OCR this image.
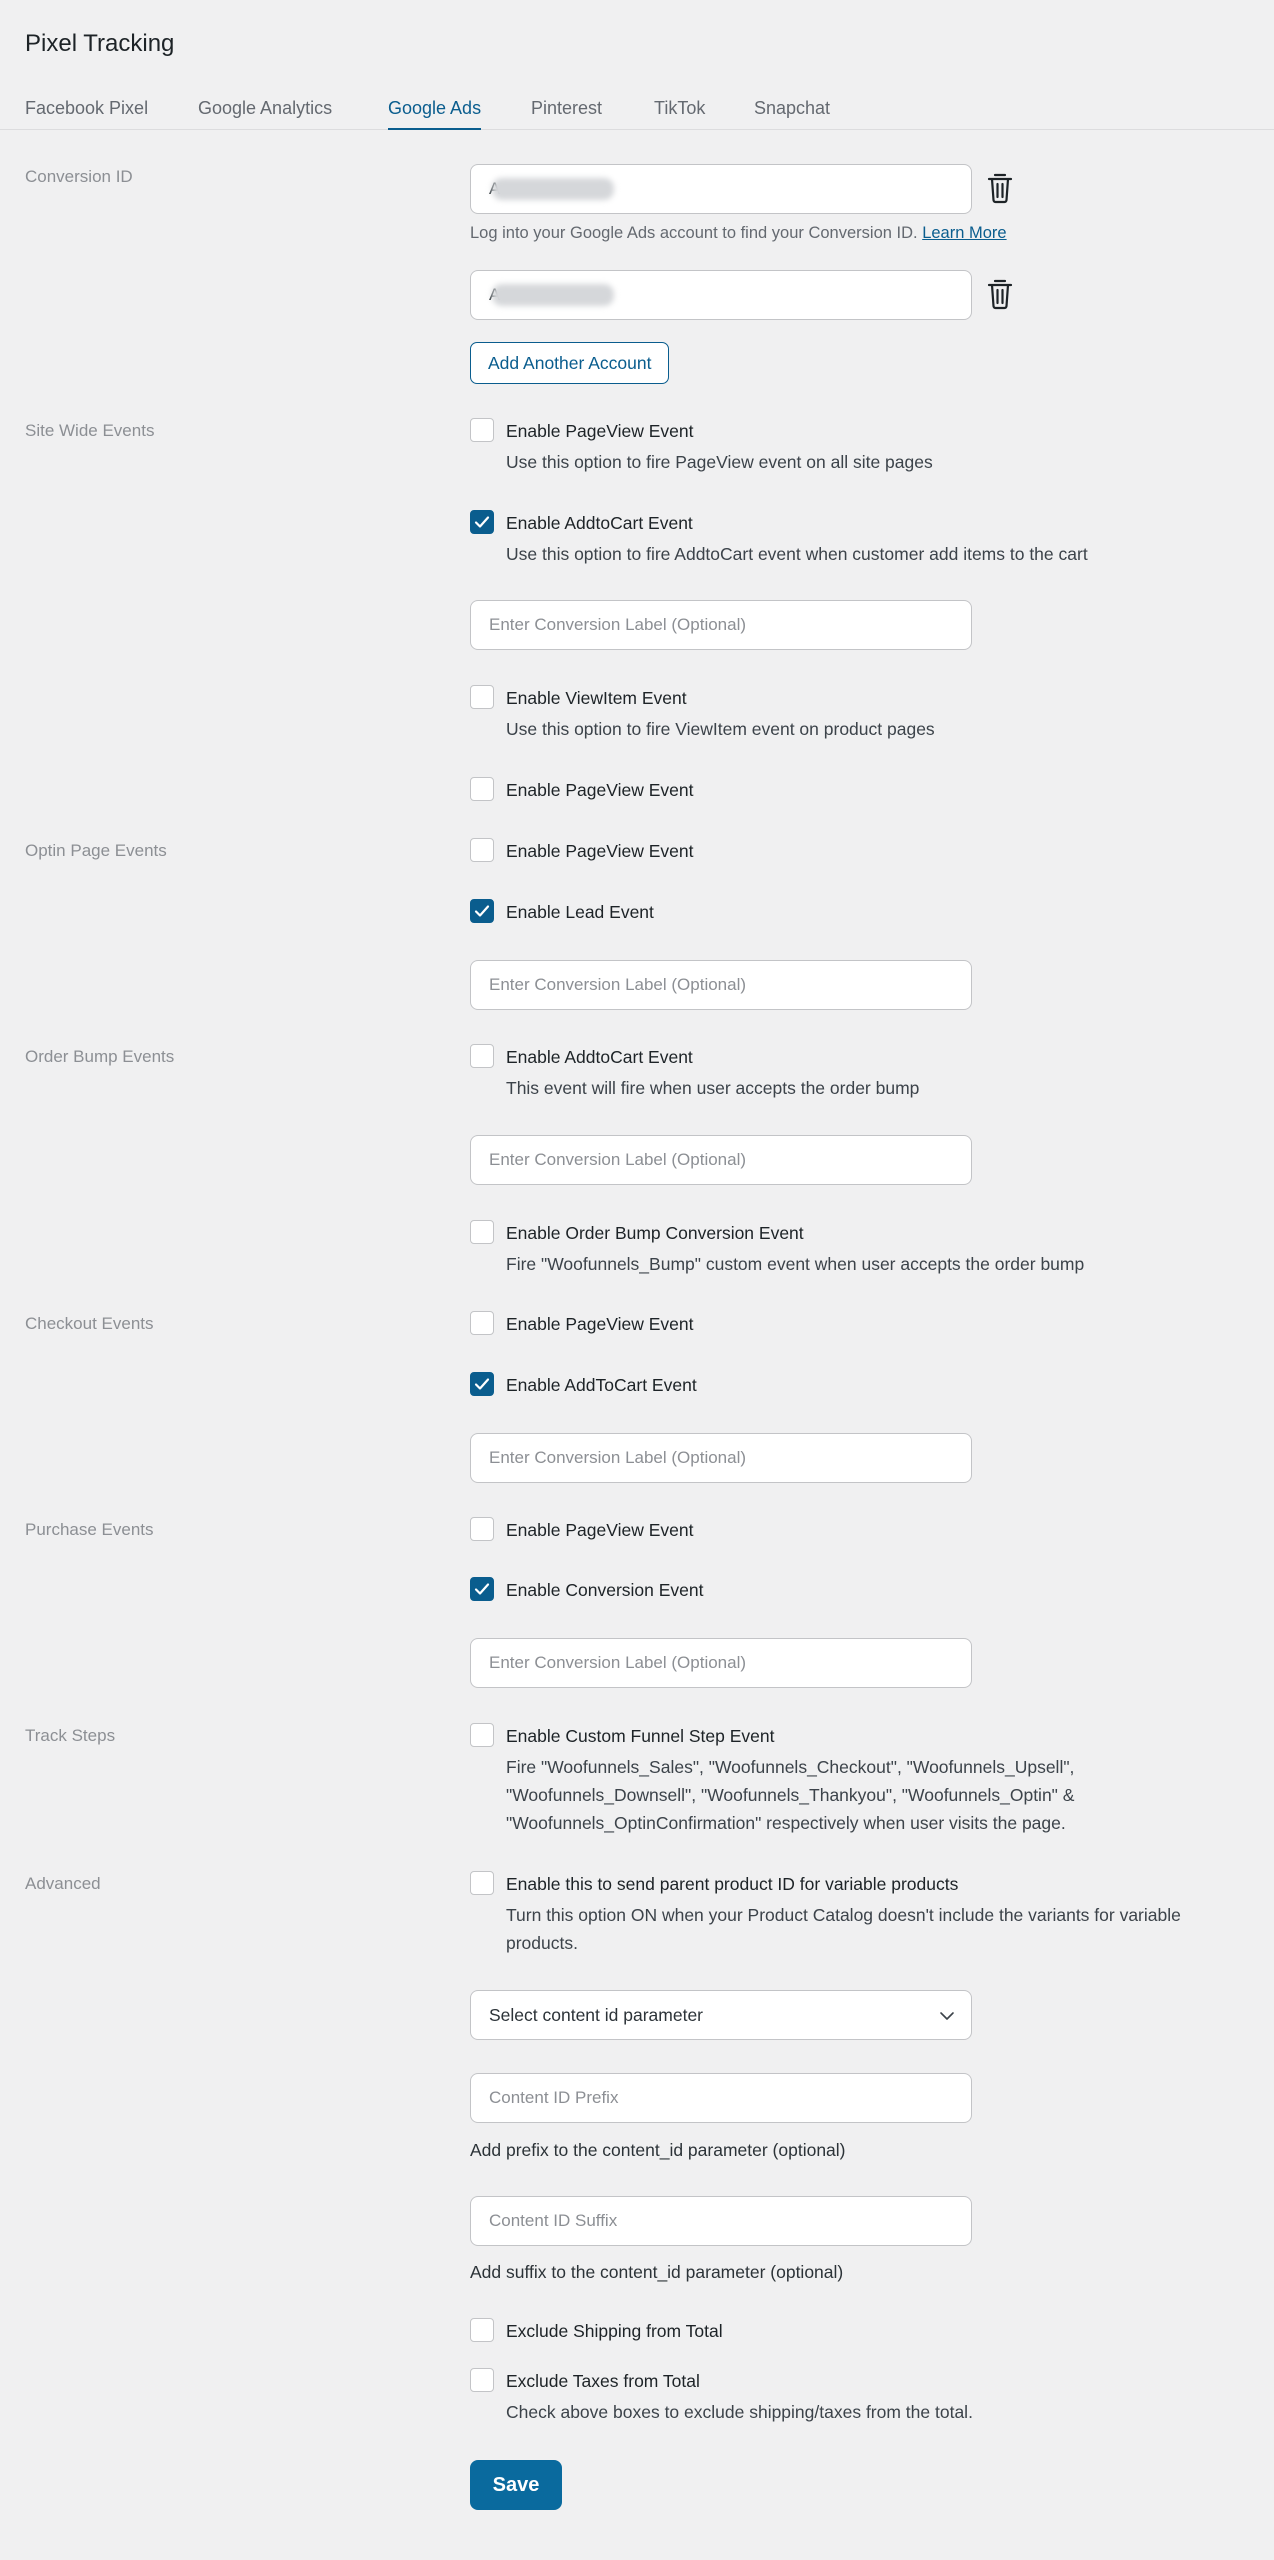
Pixel Tracking
Facebook Pixel	Google Analytics	Google Ads	Pinterest	TikTok	Snapchat
Conversion ID
A
Log into your Google Ads account to find your Conversion ID. Learn More
A
Add Another Account
Site Wide Events	Enable PageView Event
Use this option to fire PageView event on all site pages
Enable AddtoCart Event
Use this option to fire AddtoCart event when customer add items to the cart
Enter Conversion Label (Optional)
Enable ViewItem Event
Use this option to fire ViewItem event on product pages
Enable PageView Event
Optin Page Events	Enable PageView Event
Enable Lead Event
Enter Conversion Label (Optional)
Order Bump Events	Enable AddtoCart Event
This event will fire when user accepts the order bump
Enter Conversion Label (Optional)
Enable Order Bump Conversion Event
Fire "Woofunnels_Bump" custom event when user accepts the order bump
Checkout Events	Enable PageView Event
Enable AddToCart Event
Enter Conversion Label (Optional)
Purchase Events	Enable PageView Event
Enable Conversion Event
Enter Conversion Label (Optional)
Track Steps	Enable Custom Funnel Step Event
Fire "Woofunnels_Sales", "Woofunnels_Checkout", "Woofunnels_Upsell",
"Woofunnels_Downsell", "Woofunnels_Thankyou", "Woofunnels_Optin" &
"Woofunnels_OptinConfirmation" respectively when user visits the page.
Advanced	Enable this to send parent product ID for variable products
Turn this option ON when your Product Catalog doesn't include the variants for variable
products.
Select content id parameter
Content ID Prefix
Add prefix to the content_id parameter (optional)
Content ID Suffix
Add suffix to the content_id parameter (optional)
Exclude Shipping from Total
Exclude Taxes from Total
Check above boxes to exclude shipping/taxes from the total.
Save
